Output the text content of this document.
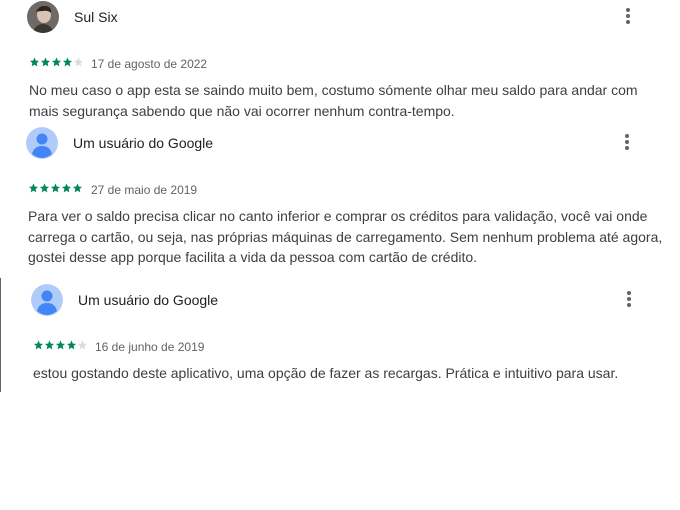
Sul Six
17 de agosto de 2022
No meu caso o app esta se saindo muito bem, costumo sómente olhar meu saldo para andar com mais segurança sabendo que não vai ocorrer nenhum contra-tempo.
Um usuário do Google
27 de maio de 2019
Para ver o saldo precisa clicar no canto inferior e comprar os créditos para validação, você vai onde carrega o cartão, ou seja, nas próprias máquinas de carregamento. Sem nenhum problema até agora, gostei desse app porque facilita a vida da pessoa com cartão de crédito.
Um usuário do Google
16 de junho de 2019
estou gostando deste aplicativo, uma opção de fazer as recargas. Prática e intuitivo para usar.
